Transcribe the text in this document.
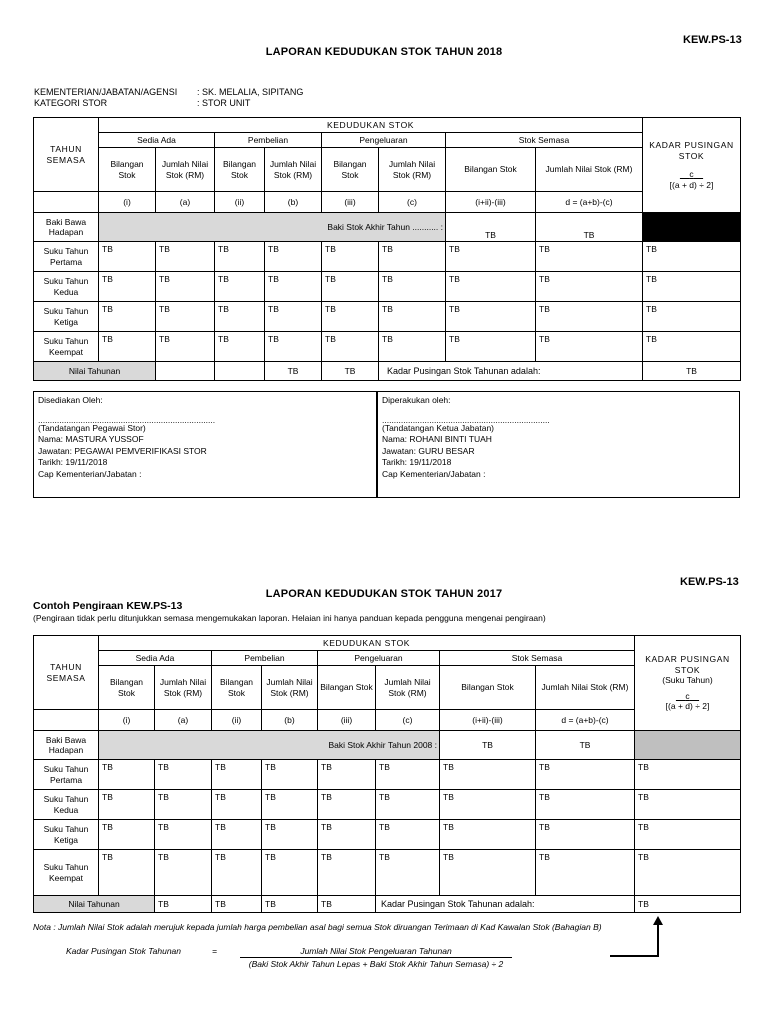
KEW.PS-13
LAPORAN KEDUDUKAN STOK TAHUN 2018
KEMENTERIAN/JABATAN/AGENSI : SK. MELALIA, SIPITANG
KATEGORI STOR	: STOR UNIT
TAHUN SEMASA	KEDUDUKAN STOK								KADAR PUSINGAN STOK
c
[(a + d) ÷ 2]

	Sedia Ada		Pembelian		Pengeluaran		Stok Semasa		
	Bilangan Stok	Jumlah Nilai Stok (RM)	Bilangan Stok	Jumlah Nilai Stok (RM)	Bilangan Stok	Jumlah Nilai Stok (RM)	Bilangan Stok	Jumlah Nilai Stok (RM)	
	(i)	(a)	(ii)	(b)	(iii)	(c)	(i+ii)-(iii)	d = (a+b)-(c)	
Baki Bawa Hadapan	Baki Stok Akhir Tahun ........... :						TB	TB	
Suku Tahun Pertama	TB	TB	TB	TB	TB	TB	TB	TB	TB
Suku Tahun Kedua	TB	TB	TB	TB	TB	TB	TB	TB	TB
Suku Tahun Ketiga	TB	TB	TB	TB	TB	TB	TB	TB	TB
Suku Tahun Keempat	TB	TB	TB	TB	TB	TB	TB	TB	TB
Nilai Tahunan				TB	TB	Kadar Pusingan Stok Tahunan adalah:			TB
Disediakan Oleh:
...........................................................................
(Tandatangan Pegawai Stor)
Nama: MASTURA YUSSOF
Jawatan: PEGAWAI PEMVERIFIKASI STOR
Tarikh: 19/11/2018
Cap Kementerian/Jabatan :
Diperakukan oleh:
.......................................................................
(Tandatangan Ketua Jabatan)
Nama: ROHANI BINTI TUAH
Jawatan: GURU BESAR
Tarikh: 19/11/2018
Cap Kementerian/Jabatan :
KEW.PS-13
LAPORAN KEDUDUKAN STOK TAHUN 2017
Contoh Pengiraan KEW.PS-13
(Pengiraan tidak perlu ditunjukkan semasa mengemukakan laporan. Helaian ini hanya panduan kepada pengguna mengenai pengiraan)
TAHUN SEMASA	KEDUDUKAN STOK								KADAR PUSINGAN STOK
(Suku Tahun)
c
[(a + d) ÷ 2]

	Sedia Ada		Pembelian		Pengeluaran		Stok Semasa		
	Bilangan Stok	Jumlah Nilai Stok (RM)	Bilangan Stok	Jumlah Nilai Stok (RM)	Bilangan Stok	Jumlah Nilai Stok (RM)	Bilangan Stok	Jumlah Nilai Stok (RM)	
	(i)	(a)	(ii)	(b)	(iii)	(c)	(i+ii)-(iii)	d = (a+b)-(c)	
Baki Bawa Hadapan	Baki Stok Akhir Tahun 2008 :						TB	TB	
Suku Tahun Pertama	TB	TB	TB	TB	TB	TB	TB	TB	TB
Suku Tahun Kedua	TB	TB	TB	TB	TB	TB	TB	TB	TB
Suku Tahun Ketiga	TB	TB	TB	TB	TB	TB	TB	TB	TB
Suku Tahun Keempat	TB	TB	TB	TB	TB	TB	TB	TB	TB
Nilai Tahunan		TB	TB	TB	TB	Kadar Pusingan Stok Tahunan adalah:			TB
Nota : Jumlah Nilai Stok adalah merujuk kepada jumlah harga pembelian asal bagi semua Stok diruangan Terimaan di Kad Kawalan Stok (Bahagian B)
Kadar Pusingan Stok Tahunan	=	Jumlah Nilai Stok Pengeluaran Tahunan
(Baki Stok Akhir Tahun Lepas + Baki Stok Akhir Tahun Semasa) ÷ 2
